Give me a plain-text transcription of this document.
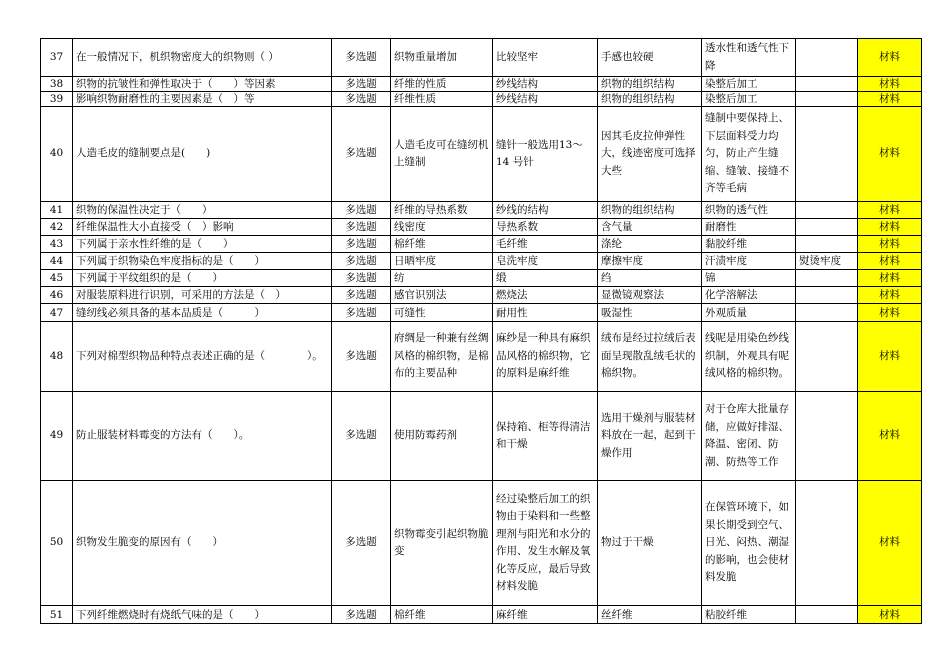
37	在一般情况下，机织物密度大的织物则（ ）	多选题	织物重量增加	比较坚牢	手感也较硬	透水性和透气性下降		材料
38	织物的抗皱性和弹性取决于（　　）等因素	多选题	纤维的性质	纱线结构	织物的组织结构	染整后加工		材料
39	影响织物耐磨性的主要因素是（　）等	多选题	纤维性质	纱线结构	织物的组织结构	染整后加工		材料
40	人造毛皮的缝制要点是(　　)	多选题	人造毛皮可在缝纫机上缝制	缝针一般选用13～14 号针	因其毛皮拉伸弹性大，线迹密度可选择大些	缝制中要保持上、下层面料受力均匀，防止产生缝缩、缝皱、接缝不齐等毛病		材料
41	织物的保温性决定于（　　）	多选题	纤维的导热系数	纱线的结构	织物的组织结构	织物的透气性		材料
42	纤维保温性大小直接受（　）影响	多选题	线密度	导热系数	含气量	耐磨性		材料
43	下列属于亲水性纤维的是（　　）	多选题	棉纤维	毛纤维	涤纶	黏胶纤维		材料
44	下列属于织物染色牢度指标的是（　　）	多选题	日晒牢度	皂洗牢度	摩擦牢度	汗渍牢度	熨烫牢度	材料
45	下列属于平纹组织的是（　　）	多选题	纺	缎	绉	锦		材料
46	对服装原料进行识别，可采用的方法是（　）	多选题	感官识别法	燃烧法	显微镜观察法	化学溶解法		材料
47	缝纫线必须具备的基本品质是（　　　）	多选题	可缝性	耐用性	吸湿性	外观质量		材料
48	下列对棉型织物品种特点表述正确的是（　　　　）。	多选题	府绸是一种兼有丝绸风格的棉织物，是棉布的主要品种	麻纱是一种具有麻织品风格的棉织物，它的原料是麻纤维	绒布是经过拉绒后表面呈现散乱绒毛状的棉织物。	线呢是用染色纱线织制，外观具有呢绒风格的棉织物。		材料
49	防止服装材料霉变的方法有（　　）。	多选题	使用防霉药剂	保持箱、柜等得清洁和干燥	选用干燥剂与服装材料放在一起，起到干燥作用	对于仓库大批量存储，应做好排湿、降温、密闭、防潮、防热等工作		材料
50	织物发生脆变的原因有（　　）	多选题	织物霉变引起织物脆变	经过染整后加工的织物由于染料和一些整理剂与阳光和水分的作用、发生水解及氧化等反应，最后导致材料发脆	物过于干燥	在保管环境下，如果长期受到空气、日光、闷热、潮湿的影响，也会使材料发脆		材料
51	下列纤维燃烧时有烧纸气味的是（　　）	多选题	棉纤维	麻纤维	丝纤维	粘胶纤维		材料
